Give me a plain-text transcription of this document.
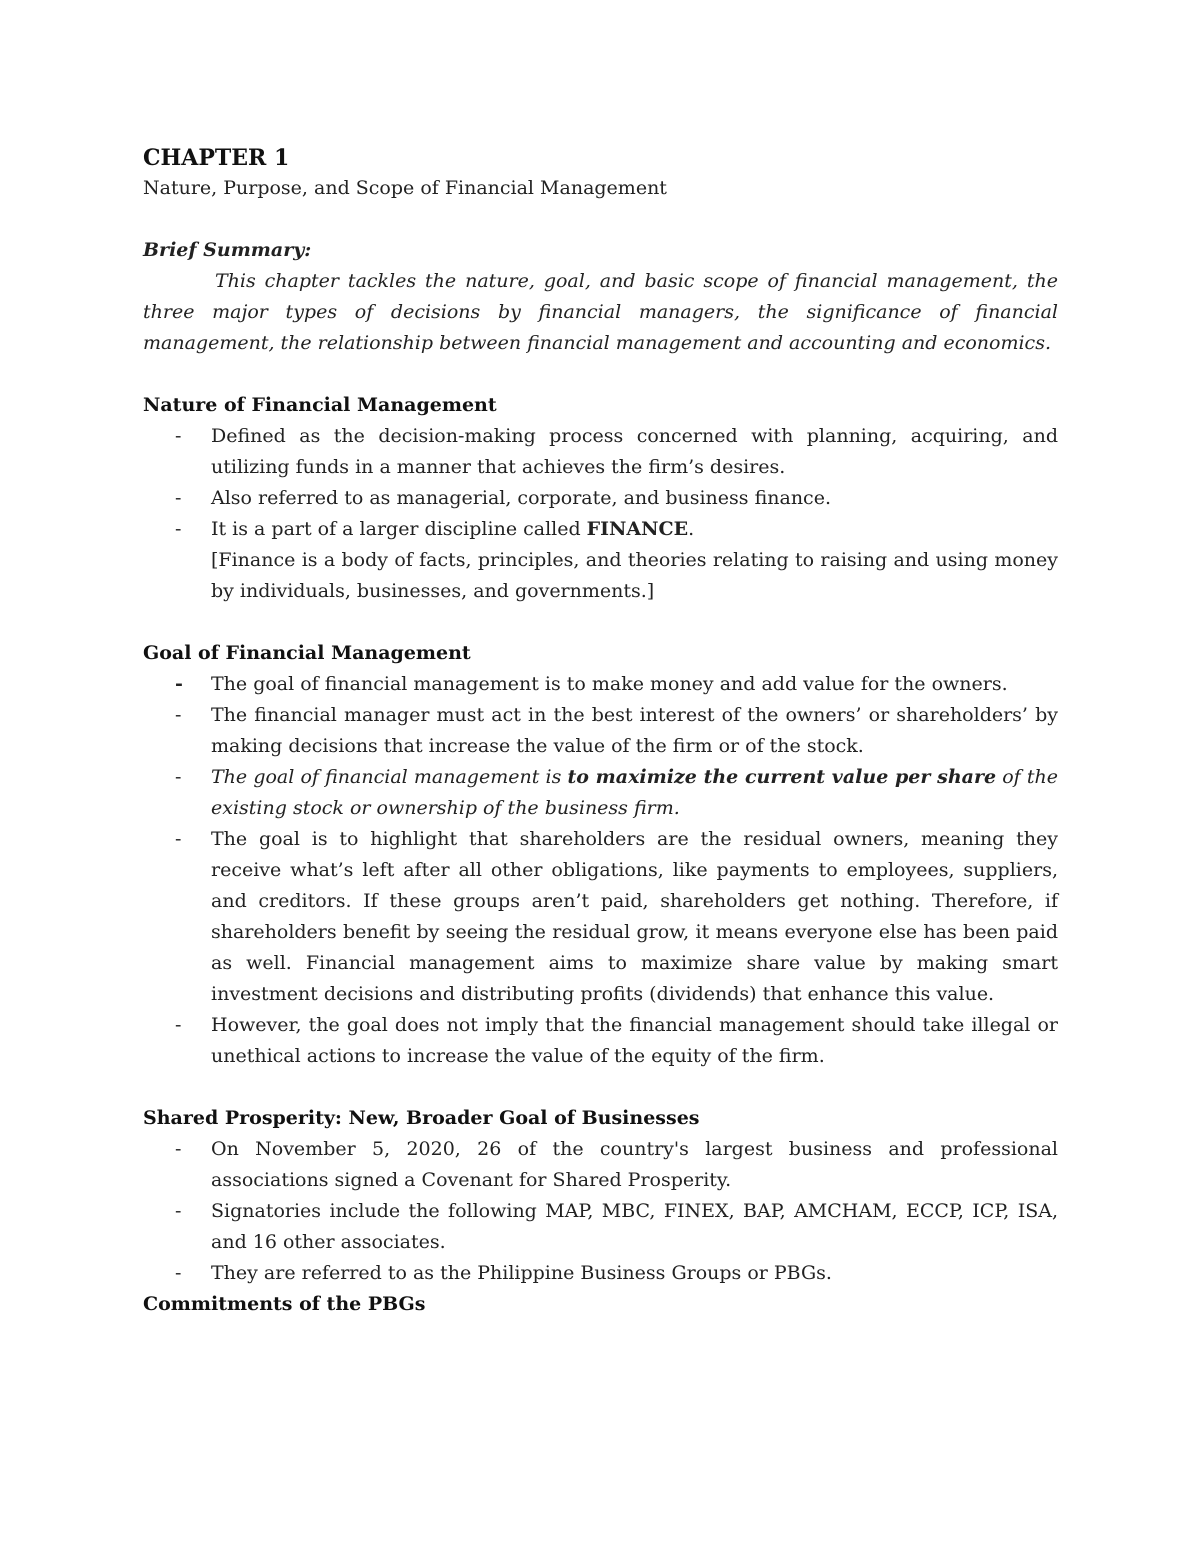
CHAPTER 1

Nature, Purpose, and Scope of Financial Management

Brief Summary:

This chapter tackles the nature, goal, and basic scope of financial management, the three major types of decisions by financial managers, the significance of financial management, the relationship between financial management and accounting and economics.

Nature of Financial Management

- Defined as the decision-making process concerned with planning, acquiring, and utilizing funds in a manner that achieves the firm’s desires.
- Also referred to as managerial, corporate, and business finance.
- It is a part of a larger discipline called FINANCE.
[Finance is a body of facts, principles, and theories relating to raising and using money by individuals, businesses, and governments.]

Goal of Financial Management

- The goal of financial management is to make money and add value for the owners.
- The financial manager must act in the best interest of the owners’ or shareholders’ by making decisions that increase the value of the firm or of the stock.
- The goal of financial management is to maximize the current value per share of the existing stock or ownership of the business firm.
- The goal is to highlight that shareholders are the residual owners, meaning they receive what’s left after all other obligations, like payments to employees, suppliers, and creditors. If these groups aren’t paid, shareholders get nothing. Therefore, if shareholders benefit by seeing the residual grow, it means everyone else has been paid as well. Financial management aims to maximize share value by making smart investment decisions and distributing profits (dividends) that enhance this value.
- However, the goal does not imply that the financial management should take illegal or unethical actions to increase the value of the equity of the firm.

Shared Prosperity: New, Broader Goal of Businesses

- On November 5, 2020, 26 of the country's largest business and professional associations signed a Covenant for Shared Prosperity.
- Signatories include the following MAP, MBC, FINEX, BAP, AMCHAM, ECCP, ICP, ISA, and 16 other associates.
- They are referred to as the Philippine Business Groups or PBGs.

Commitments of the PBGs
